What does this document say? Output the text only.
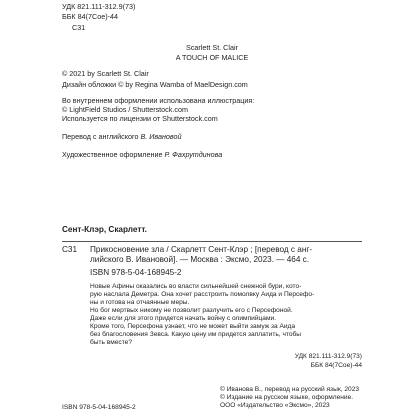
УДК 821.111-312.9(73)
ББК 84(7Сое)-44
С31
Scarlett St. Clair
A TOUCH OF MALICE
© 2021 by Scarlett St. Clair
Дизайн обложки © by Regina Wamba of MaelDesign.com
Во внутреннем оформлении использована иллюстрация:
© LightField Studios / Shutterstock.com
Используется по лицензии от Shutterstock.com
Перевод с английского В. Ивановой
Художественное оформление Р. Фахрутдинова
Сент-Клэр, Скарлетт.
С31 Прикосновение зла / Скарлетт Сент-Клэр ; [перевод с анг-
лийского В. Ивановой]. — Москва : Эксмо, 2023. — 464 с.
ISBN 978-5-04-168945-2
Новые Афины оказались во власти сильнейшей снежной бури, кото-
рую наслала Деметра. Она хочет расстроить помолвку Аида и Персефо-
ны и готова на отчаянные меры.
Но бог мертвых никому не позволит разлучить его с Персефоной.
Даже если для этого придется начать войну с олимпийцами.
Кроме того, Персефона узнает, что не может выйти замуж за Аида
без благословения Зевса. Какую цену им придется заплатить, чтобы
быть вместе?
УДК 821.111-312.9(73)
ББК 84(7Сое)-44
ISBN 978-5-04-168945-2
© Иванова В., перевод на русский язык, 2023
© Издание на русском языке, оформление.
ООО «Издательство «Эксмо», 2023
